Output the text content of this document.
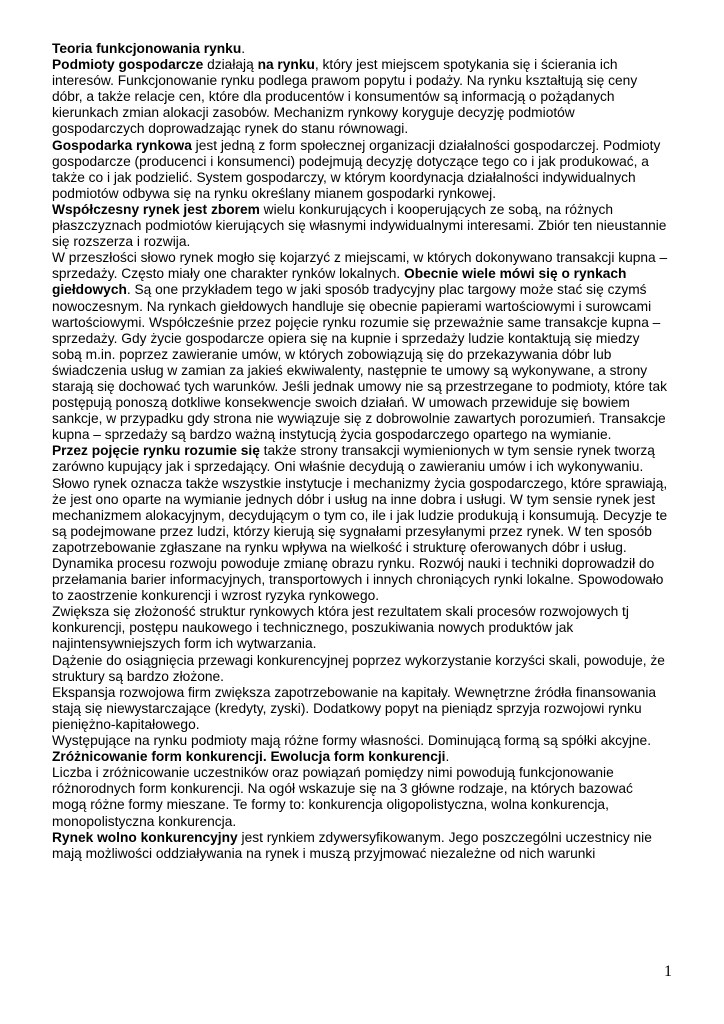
Teoria funkcjonowania rynku.

Podmioty gospodarcze działają na rynku, który jest miejscem spotykania się i ścierania ich interesów. Funkcjonowanie rynku podlega prawom popytu i podaży. Na rynku kształtują się ceny dóbr, a także relacje cen, które dla producentów i konsumentów są informacją o pożądanych kierunkach zmian alokacji zasobów. Mechanizm rynkowy koryguje decyzję podmiotów gospodarczych doprowadzając rynek do stanu równowagi.

Gospodarka rynkowa jest jedną z form społecznej organizacji działalności gospodarczej. Podmioty gospodarcze (producenci i konsumenci) podejmują decyzję dotyczące tego co i jak produkować, a także co i jak podzielić. System gospodarczy, w którym koordynacja działalności indywidualnych podmiotów odbywa się na rynku określany mianem gospodarki rynkowej.

Współczesny rynek jest zborem wielu konkurujących i kooperujących ze sobą, na różnych płaszczyznach podmiotów kierujących się własnymi indywidualnymi interesami. Zbiór ten nieustannie się rozszerza i rozwija.

W przeszłości słowo rynek mogło się kojarzyć z miejscami, w których dokonywano transakcji kupna – sprzedaży. Często miały one charakter rynków lokalnych. Obecnie wiele mówi się o rynkach giełdowych. Są one przykładem tego w jaki sposób tradycyjny plac targowy może stać się czymś nowoczesnym. Na rynkach giełdowych handluje się obecnie papierami wartościowymi i surowcami wartościowymi. Współcześnie przez pojęcie rynku rozumie się przeważnie same transakcje kupna – sprzedaży. Gdy życie gospodarcze opiera się na kupnie i sprzedaży ludzie kontaktują się miedzy sobą m.in. poprzez zawieranie umów, w których zobowiązują się do przekazywania dóbr lub świadczenia usług w zamian za jakieś ekwiwalenty, następnie te umowy są wykonywane, a strony starają się dochować tych warunków. Jeśli jednak umowy nie są przestrzegane to podmioty, które tak postępują ponoszą dotkliwe konsekwencje swoich działań. W umowach przewiduje się bowiem sankcje, w przypadku gdy strona nie wywiązuje się z dobrowolnie zawartych porozumień. Transakcje kupna – sprzedaży są bardzo ważną instytucją życia gospodarczego opartego na wymianie.

Przez pojęcie rynku rozumie się także strony transakcji wymienionych w tym sensie rynek tworzą zarówno kupujący jak i sprzedający. Oni właśnie decydują o zawieraniu umów i ich wykonywaniu. Słowo rynek oznacza także wszystkie instytucje i mechanizmy życia gospodarczego, które sprawiają, że jest ono oparte na wymianie jednych dóbr i usług na inne dobra i usługi. W tym sensie rynek jest mechanizmem alokacyjnym, decydującym o tym co, ile i jak ludzie produkują i konsumują. Decyzje te są podejmowane przez ludzi, którzy kierują się sygnałami przesyłanymi przez rynek. W ten sposób zapotrzebowanie zgłaszane na rynku wpływa na wielkość i strukturę oferowanych dóbr i usług.

Dynamika procesu rozwoju powoduje zmianę obrazu rynku. Rozwój nauki i techniki doprowadził do przełamania barier informacyjnych, transportowych i innych chroniących rynki lokalne. Spowodowało to zaostrzenie konkurencji i wzrost ryzyka rynkowego.

Zwiększa się złożoność struktur rynkowych która jest rezultatem skali procesów rozwojowych tj konkurencji, postępu naukowego i technicznego, poszukiwania nowych produktów jak najintensywniejszych form ich wytwarzania.

Dążenie do osiągnięcia przewagi konkurencyjnej poprzez wykorzystanie korzyści skali, powoduje, że struktury są bardzo złożone.

Ekspansja rozwojowa firm zwiększa zapotrzebowanie na kapitały. Wewnętrzne źródła finansowania stają się niewystarczające (kredyty, zyski). Dodatkowy popyt na pieniądz sprzyja rozwojowi rynku pieniężno-kapitałowego.

Występujące na rynku podmioty mają różne formy własności. Dominującą formą są spółki akcyjne.

Zróżnicowanie form konkurencji. Ewolucja form konkurencji.

Liczba i zróżnicowanie uczestników oraz powiązań pomiędzy nimi powodują funkcjonowanie różnorodnych form konkurencji. Na ogół wskazuje się na 3 główne rodzaje, na których bazować mogą różne formy mieszane. Te formy to: konkurencja oligopolistyczna, wolna konkurencja, monopolistyczna konkurencja.

Rynek wolno konkurencyjny jest rynkiem zdywersyfikowanym. Jego poszczególni uczestnicy nie mają możliwości oddziaływania na rynek i muszą przyjmować niezależne od nich warunki

1
